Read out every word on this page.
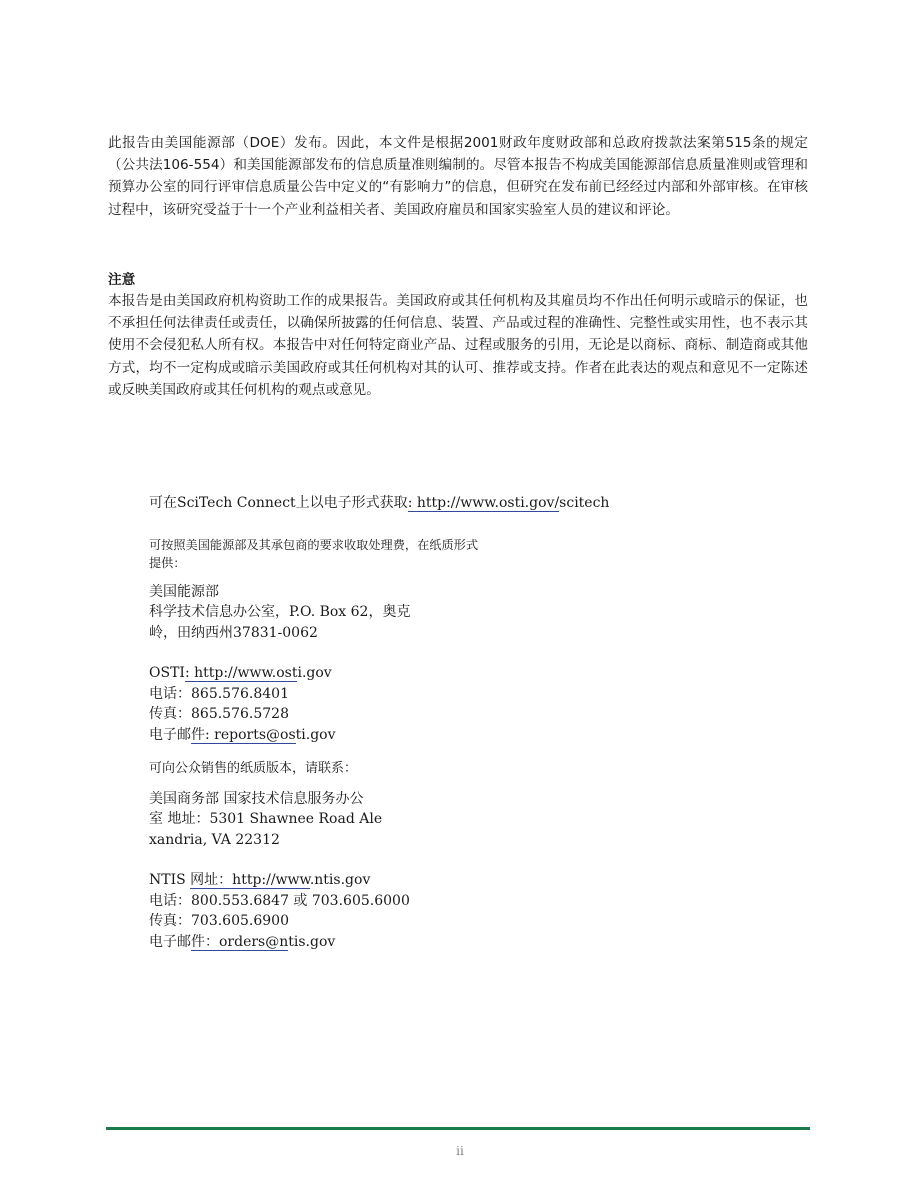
此报告由美国能源部（DOE）发布。因此，本文件是根据2001财政年度财政部和总政府拨款法案第515条的规定（公共法106-554）和美国能源部发布的信息质量准则编制的。尽管本报告不构成美国能源部信息质量准则或管理和预算办公室的同行评审信息质量公告中定义的“有影响力”的信息，但研究在发布前已经经过内部和外部审核。在审核过程中，该研究受益于十一个产业利益相关者、美国政府雇员和国家实验室人员的建议和评论。

注意

本报告是由美国政府机构资助工作的成果报告。美国政府或其任何机构及其雇员均不作出任何明示或暗示的保证，也不承担任何法律责任或责任，以确保所披露的任何信息、装置、产品或过程的准确性、完整性或实用性，也不表示其使用不会侵犯私人所有权。本报告中对任何特定商业产品、过程或服务的引用，无论是以商标、商标、制造商或其他方式，均不一定构成或暗示美国政府或其任何机构对其的认可、推荐或支持。作者在此表达的观点和意见不一定陈述或反映美国政府或其任何机构的观点或意见。

可在SciTech Connect上以电子形式获取: http://www.osti.gov/scitech

可按照美国能源部及其承包商的要求收取处理费，在纸质形式

提供：

美国能源部

科学技术信息办公室，P.O. Box 62，奥克

岭，田纳西州37831-0062

OSTI: http://www.osti.gov

电话：865.576.8401

传真：865.576.5728

电子邮件: reports@osti.gov

可向公众销售的纸质版本，请联系：

美国商务部 国家技术信息服务办公

室 地址：5301 Shawnee Road Ale

xandria, VA 22312

NTIS 网址：http://www.ntis.gov

电话：800.553.6847 或 703.605.6000

传真：703.605.6900

电子邮件：orders@ntis.gov

ii
